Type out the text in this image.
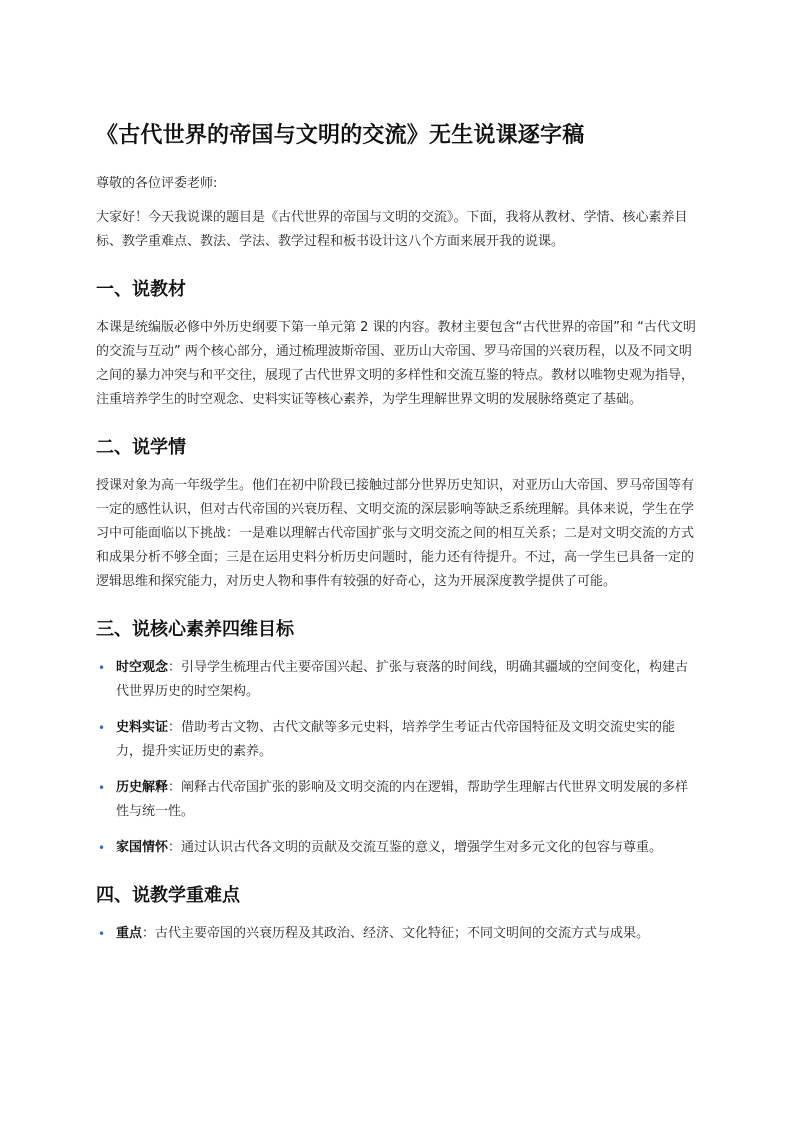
《古代世界的帝国与文明的交流》无生说课逐字稿

尊敬的各位评委老师:

大家好！今天我说课的题目是《古代世界的帝国与文明的交流》。下面，我将从教材、学情、核心素养目标、教学重难点、教法、学法、教学过程和板书设计这八个方面来展开我的说课。

一、说教材

本课是统编版必修中外历史纲要下第一单元第 2 课的内容。教材主要包含“古代世界的帝国”和 “古代文明的交流与互动” 两个核心部分，通过梳理波斯帝国、亚历山大帝国、罗马帝国的兴衰历程，以及不同文明之间的暴力冲突与和平交往，展现了古代世界文明的多样性和交流互鉴的特点。教材以唯物史观为指导，注重培养学生的时空观念、史料实证等核心素养，为学生理解世界文明的发展脉络奠定了基础。

二、说学情

授课对象为高一年级学生。他们在初中阶段已接触过部分世界历史知识，对亚历山大帝国、罗马帝国等有一定的感性认识，但对古代帝国的兴衰历程、文明交流的深层影响等缺乏系统理解。具体来说，学生在学习中可能面临以下挑战：一是难以理解古代帝国扩张与文明交流之间的相互关系；二是对文明交流的方式和成果分析不够全面；三是在运用史料分析历史问题时，能力还有待提升。不过，高一学生已具备一定的逻辑思维和探究能力，对历史人物和事件有较强的好奇心，这为开展深度教学提供了可能。

三、说核心素养四维目标
• 时空观念：引导学生梳理古代主要帝国兴起、扩张与衰落的时间线，明确其疆域的空间变化，构建古代世界历史的时空架构。
• 史料实证：借助考古文物、古代文献等多元史料，培养学生考证古代帝国特征及文明交流史实的能力，提升实证历史的素养。
• 历史解释：阐释古代帝国扩张的影响及文明交流的内在逻辑，帮助学生理解古代世界文明发展的多样性与统一性。
• 家国情怀：通过认识古代各文明的贡献及交流互鉴的意义，增强学生对多元文化的包容与尊重。
四、说教学重难点
• 重点：古代主要帝国的兴衰历程及其政治、经济、文化特征；不同文明间的交流方式与成果。
